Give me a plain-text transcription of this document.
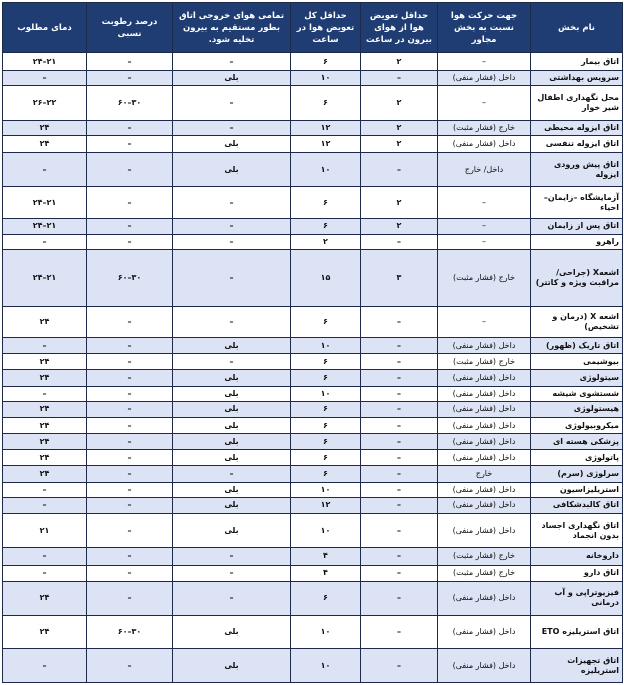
نام بخش	جهت حرکت هوا نسبت به بخش مجاور	حداقل تعویض هوا از هوای بیرون در ساعت	حداقل کل تعویض هوا در ساعت	تمامی هوای خروجی اتاق بطور مستقیم به بیرون تخلیه شود.	درصد رطوبت نسبی	دمای مطلوب
اتاق بیمار	–	۲	۶	–	–	۲۱–۲۴
سرویس بهداشتی	داخل (فشار منفی)	–	۱۰	بلی	–	–
محل نگهداری اطفال شیر خوار	–	۲	۶	–	۳۰–۶۰	۲۲–۲۶
اتاق ایزوله محیطی	خارج (فشار مثبت)	۲	۱۲	–	–	۲۴
اتاق ایزوله تنفسی	داخل (فشار منفی)	۲	۱۲	بلی	–	۲۴
اتاق پیش ورودی ایزوله	داخل/ خارج	–	۱۰	بلی	–	–
آزمایشگاه –زایمان– احیاء	–	۲	۶	–	–	۲۱–۲۴
اتاق پس از زایمان	–	۲	۶	–	–	۲۱–۲۴
راهرو	–	–	۲	–	–	–
اشعهX (جراحی/ مراقبت ویژه و کاتتر)	خارج (فشار مثبت)	۳	۱۵	–	۳۰–۶۰	۲۱–۲۴
اشعه X (درمان و تشخیص)	–	–	۶	–	–	۲۴
اتاق تاریک (ظهور)	داخل (فشار منفی)	–	۱۰	بلی	–	–
بیوشیمی	خارج (فشار مثبت)	–	۶	–	–	۲۴
سیتولوژی	داخل (فشار منفی)	–	۶	بلی	–	۲۴
شستشوی شیشه	داخل (فشار منفی)	–	۱۰	بلی	–	–
هیستولوژی	داخل (فشار منفی)	–	۶	بلی	–	۲۴
میکروبیولوژی	داخل (فشار منفی)	–	۶	بلی	–	۲۴
پزشکی هسته ای	داخل (فشار منفی)	–	۶	بلی	–	۲۴
پاتولوژی	داخل (فشار منفی)	–	۶	بلی	–	۲۴
سرلوژی (سرم)	خارج	–	۶	–	–	۲۴
استریلیزاسیون	داخل (فشار منفی)	–	۱۰	بلی	–	–
اتاق کالبدشکافی	داخل (فشار منفی)	–	۱۲	بلی	–	–
اتاق نگهداری اجساد بدون انجماد	داخل (فشار منفی)	–	۱۰	بلی	–	۲۱
داروخانه	خارج (فشار مثبت)	–	۴	–	–	–
اتاق دارو	خارج (فشار مثبت)	–	۴	–	–	–
فیزیوتراپی و آب درمانی	داخل (فشار منفی)	–	۶	–	–	۲۴
اتاق استریلیزه ETO	داخل (فشار منفی)	–	۱۰	بلی	۳۰–۶۰	۲۴
اتاق تجهیزات استریلیزه	داخل (فشار منفی)	–	۱۰	بلی	–	–
